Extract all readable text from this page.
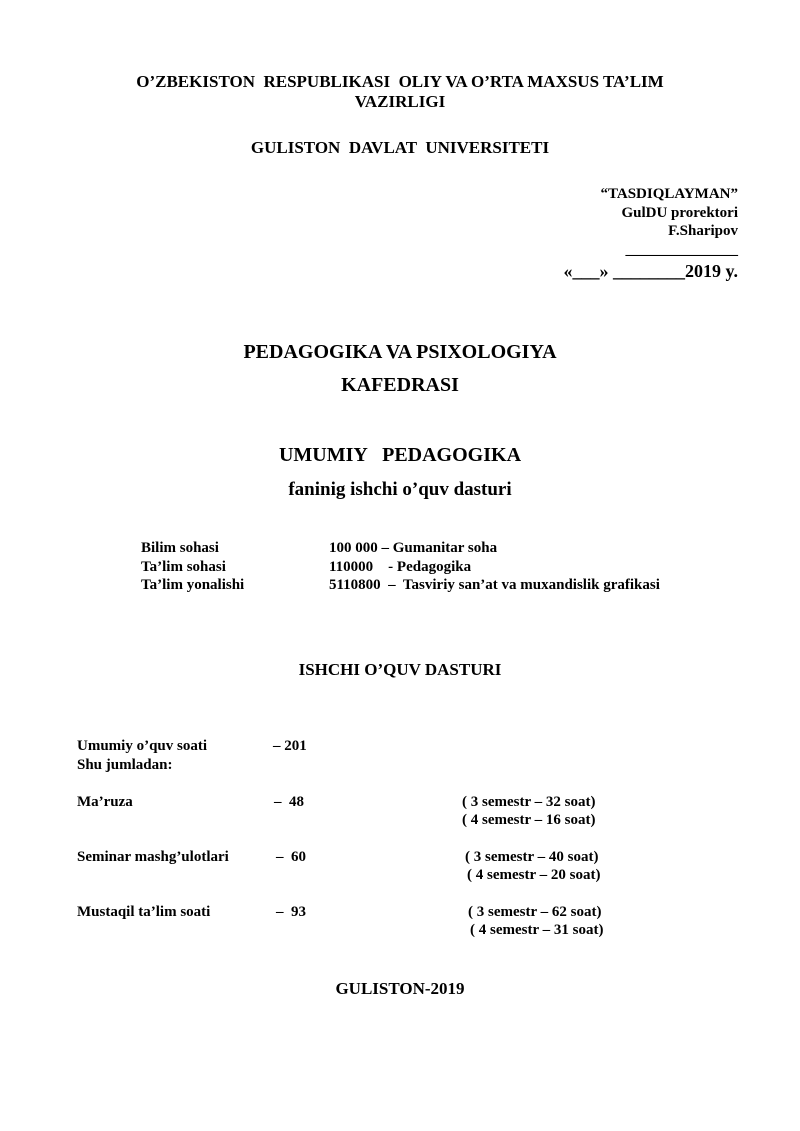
O’ZBEKISTON  RESPUBLIKASI  OLIY VA O’RTA MAXSUS TA’LIM
VAZIRLIGI
GULISTON  DAVLAT  UNIVERSITETI
“TASDIQLAYMAN”
GulDU prorektori
F.Sharipov
_______________
«___» ________2019 y.
PEDAGOGIKA VA PSIXOLOGIYA
KAFEDRASI
UMUMIY   PEDAGOGIKA
faninig ishchi o’quv dasturi
Bilim sohasi	100 000 – Gumanitar soha
Ta’lim sohasi	110000    - Pedagogika
Ta’lim yonalishi	5110800  –  Tasviriy san’at va muxandislik grafikasi
ISHCHI O’QUV DASTURI
Umumiy o’quv soati	– 201
Shu jumladan:
Ma’ruza	–  48	( 3 semestr – 32 soat)
( 4 semestr – 16 soat)
Seminar mashg’ulotlari	–  60	( 3 semestr – 40 soat)
( 4 semestr – 20 soat)
Mustaqil ta’lim soati	–  93	( 3 semestr – 62 soat)
( 4 semestr – 31 soat)
GULISTON-2019
